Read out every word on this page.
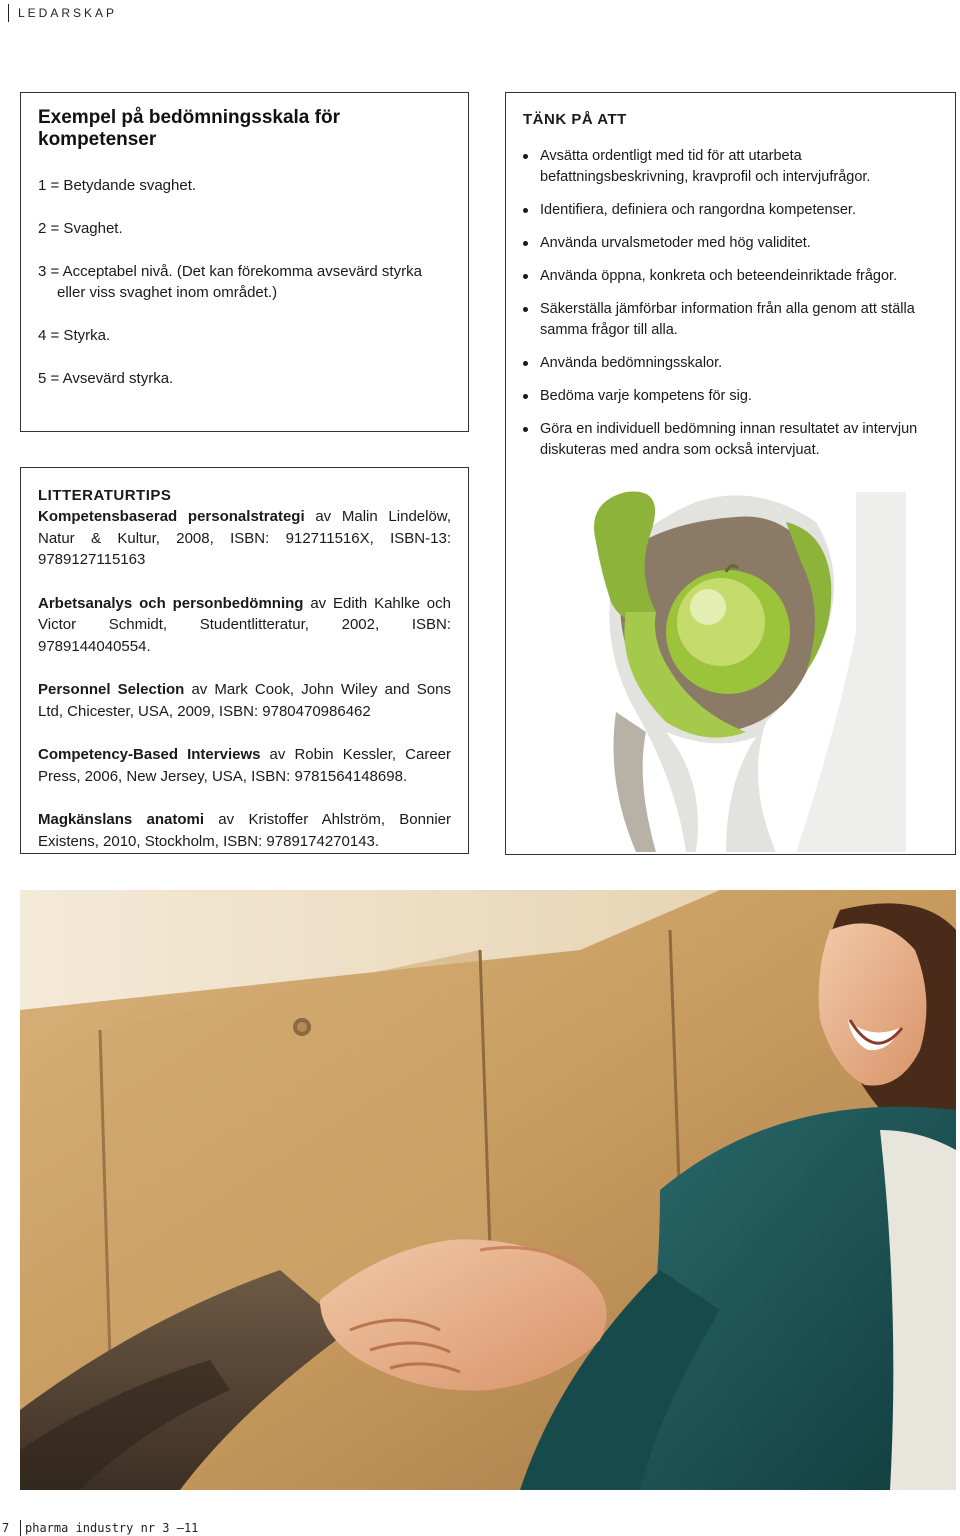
LEDARSKAP
Exempel på bedömningsskala för kompetenser
1 = Betydande svaghet.
2 = Svaghet.
3 = Acceptabel nivå. (Det kan förekomma avsevärd styrka eller viss svaghet inom området.)
4 = Styrka.
5 = Avsevärd styrka.
LITTERATURTIPS
Kompetensbaserad personalstrategi av Malin Lindelöw, Natur & Kultur, 2008, ISBN: 912711516X, ISBN-13: 9789127115163
Arbetsanalys och personbedömning av Edith Kahlke och Victor Schmidt, Studentlitteratur, 2002, ISBN: 9789144040554.
Personnel Selection av Mark Cook, John Wiley and Sons Ltd, Chicester, USA, 2009, ISBN: 9780470986462
Competency-Based Interviews av Robin Kessler, Career Press, 2006, New Jersey, USA, ISBN: 9781564148698.
Magkänslans anatomi av Kristoffer Ahlström, Bonnier Existens, 2010, Stockholm, ISBN: 9789174270143.
TÄNK PÅ ATT
Avsätta ordentligt med tid för att utarbeta befattningsbeskrivning, kravprofil och intervjufrågor.
Identifiera, definiera och rangordna kompetenser.
Använda urvalsmetoder med hög validitet.
Använda öppna, konkreta och beteendeinriktade frågor.
Säkerställa jämförbar information från alla genom att ställa samma frågor till alla.
Använda bedömningsskalor.
Bedöma varje kompetens för sig.
Göra en individuell bedömning innan resultatet av intervjun diskuteras med andra som också intervjuat.
7 pharma industry nr 3 –11
